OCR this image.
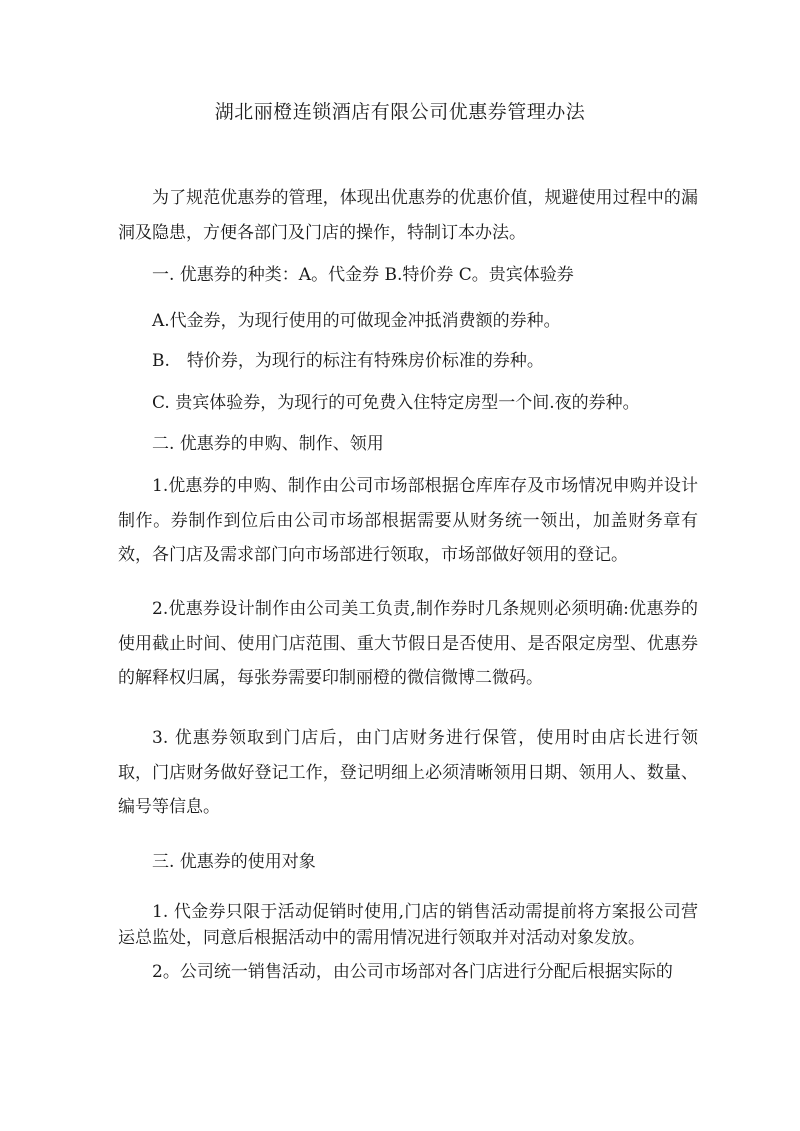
湖北丽橙连锁酒店有限公司优惠券管理办法

为了规范优惠券的管理，体现出优惠券的优惠价值，规避使用过程中的漏洞及隐患，方便各部门及门店的操作，特制订本办法。

一. 优惠券的种类：A。代金券 B.特价券 C。贵宾体验券

A.代金券，为现行使用的可做现金冲抵消费额的券种。

B.　特价券，为现行的标注有特殊房价标准的券种。

C. 贵宾体验券，为现行的可免费入住特定房型一个间.夜的券种。

二. 优惠券的申购、制作、领用

1.优惠券的申购、制作由公司市场部根据仓库库存及市场情况申购并设计制作。券制作到位后由公司市场部根据需要从财务统一领出，加盖财务章有效，各门店及需求部门向市场部进行领取，市场部做好领用的登记。

2.优惠券设计制作由公司美工负责,制作券时几条规则必须明确:优惠券的使用截止时间、使用门店范围、重大节假日是否使用、是否限定房型、优惠券的解释权归属，每张券需要印制丽橙的微信微博二微码。

3. 优惠券领取到门店后，由门店财务进行保管，使用时由店长进行领取，门店财务做好登记工作，登记明细上必须清晰领用日期、领用人、数量、编号等信息。

三. 优惠券的使用对象

1. 代金券只限于活动促销时使用,门店的销售活动需提前将方案报公司营运总监处，同意后根据活动中的需用情况进行领取并对活动对象发放。

2。公司统一销售活动，由公司市场部对各门店进行分配后根据实际的
